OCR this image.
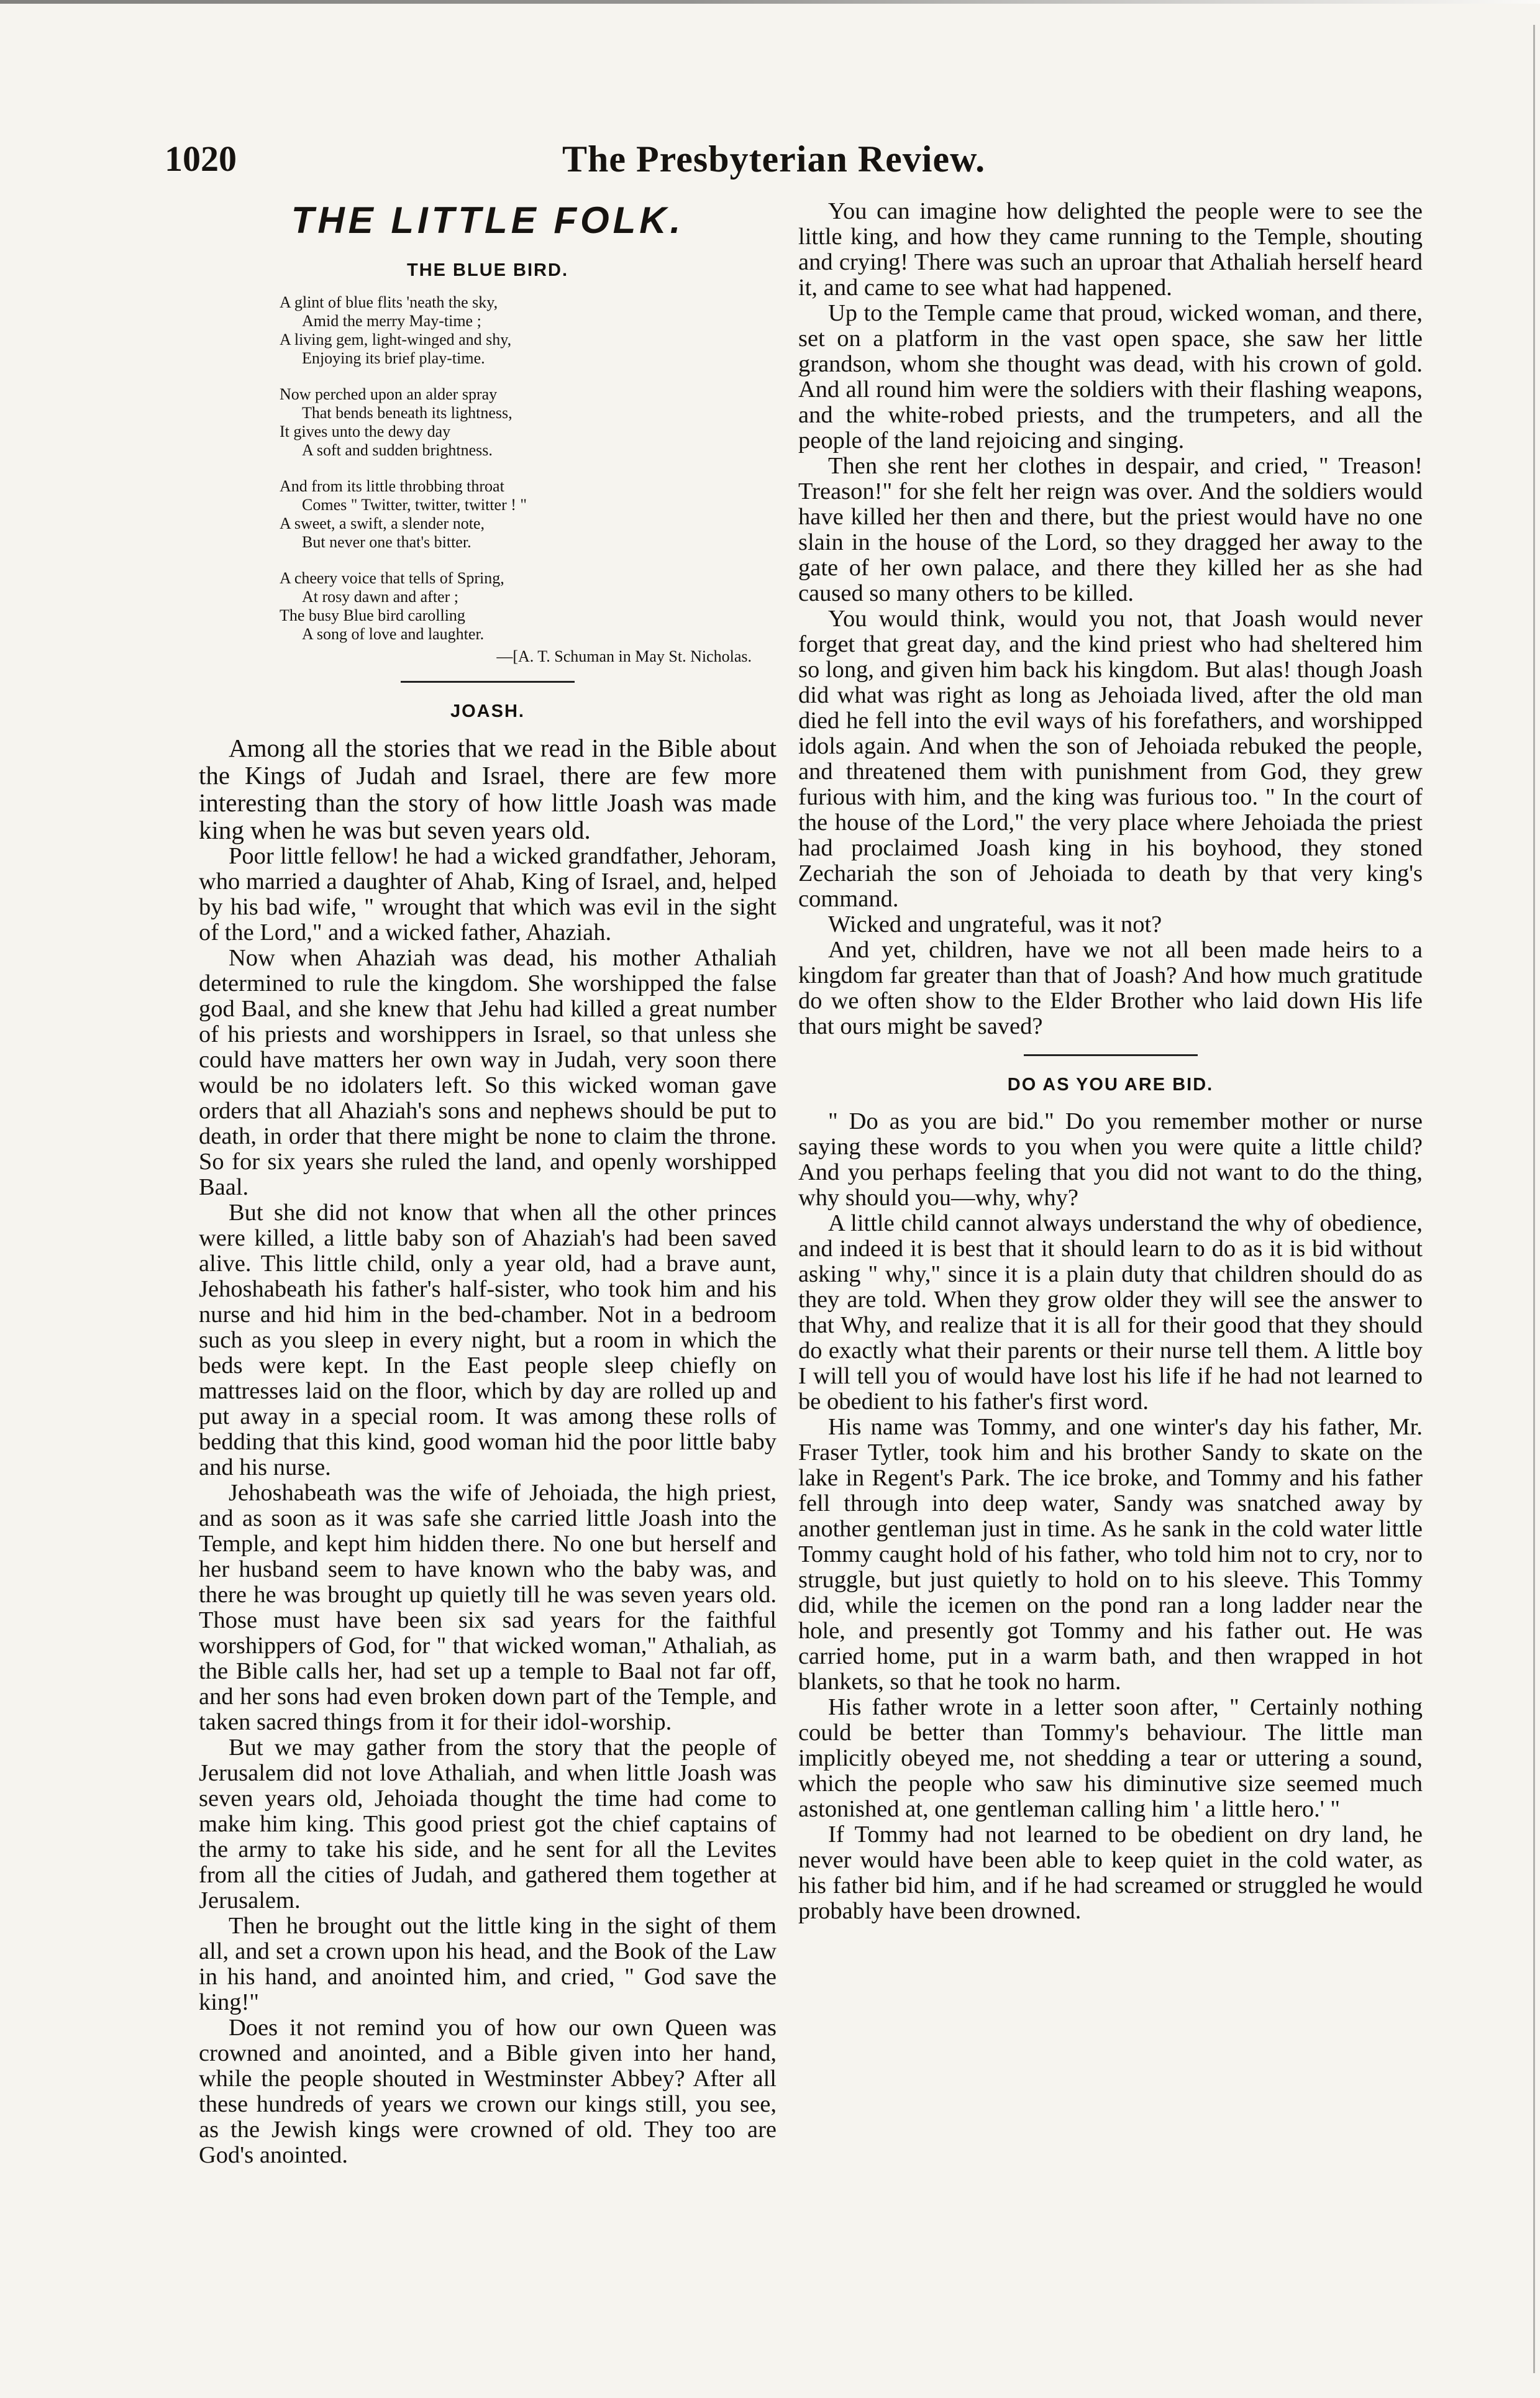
1020	The Presbyterian Review.
THE LITTLE FOLK.
THE BLUE BIRD.
A glint of blue flits 'neath the sky,
Amid the merry May-time ;
A living gem, light-winged and shy,
Enjoying its brief play-time.
Now perched upon an alder spray
That bends beneath its lightness,
It gives unto the dewy day
A soft and sudden brightness.
And from its little throbbing throat
Comes " Twitter, twitter, twitter ! "
A sweet, a swift, a slender note,
But never one that's bitter.
A cheery voice that tells of Spring,
At rosy dawn and after ;
The busy Blue bird carolling
A song of love and laughter.
—[A. T. Schuman in May St. Nicholas.
JOASH.

Among all the stories that we read in the Bible about the Kings of Judah and Israel, there are few more interesting than the story of how little Joash was made king when he was but seven years old.

Poor little fellow! he had a wicked grandfather, Jehoram, who married a daughter of Ahab, King of Israel, and, helped by his bad wife, " wrought that which was evil in the sight of the Lord," and a wicked father, Ahaziah.

Now when Ahaziah was dead, his mother Athaliah determined to rule the kingdom. She worshipped the false god Baal, and she knew that Jehu had killed a great number of his priests and worshippers in Israel, so that unless she could have matters her own way in Judah, very soon there would be no idolaters left. So this wicked woman gave orders that all Ahaziah's sons and nephews should be put to death, in order that there might be none to claim the throne. So for six years she ruled the land, and openly worshipped Baal.

But she did not know that when all the other princes were killed, a little baby son of Ahaziah's had been saved alive. This little child, only a year old, had a brave aunt, Jehoshabeath his father's half-sister, who took him and his nurse and hid him in the bed-chamber. Not in a bedroom such as you sleep in every night, but a room in which the beds were kept. In the East people sleep chiefly on mattresses laid on the floor, which by day are rolled up and put away in a special room. It was among these rolls of bedding that this kind, good woman hid the poor little baby and his nurse.

Jehoshabeath was the wife of Jehoiada, the high priest, and as soon as it was safe she carried little Joash into the Temple, and kept him hidden there. No one but herself and her husband seem to have known who the baby was, and there he was brought up quietly till he was seven years old. Those must have been six sad years for the faithful worshippers of God, for " that wicked woman," Athaliah, as the Bible calls her, had set up a temple to Baal not far off, and her sons had even broken down part of the Temple, and taken sacred things from it for their idol-worship.

But we may gather from the story that the people of Jerusalem did not love Athaliah, and when little Joash was seven years old, Jehoiada thought the time had come to make him king. This good priest got the chief captains of the army to take his side, and he sent for all the Levites from all the cities of Judah, and gathered them together at Jerusalem.

Then he brought out the little king in the sight of them all, and set a crown upon his head, and the Book of the Law in his hand, and anointed him, and cried, " God save the king!"

Does it not remind you of how our own Queen was crowned and anointed, and a Bible given into her hand, while the people shouted in Westminster Abbey? After all these hundreds of years we crown our kings still, you see, as the Jewish kings were crowned of old. They too are God's anointed.

You can imagine how delighted the people were to see the little king, and how they came running to the Temple, shouting and crying! There was such an uproar that Athaliah herself heard it, and came to see what had happened.

Up to the Temple came that proud, wicked woman, and there, set on a platform in the vast open space, she saw her little grandson, whom she thought was dead, with his crown of gold. And all round him were the soldiers with their flashing weapons, and the white-robed priests, and the trumpeters, and all the people of the land rejoicing and singing.

Then she rent her clothes in despair, and cried, " Treason! Treason!" for she felt her reign was over. And the soldiers would have killed her then and there, but the priest would have no one slain in the house of the Lord, so they dragged her away to the gate of her own palace, and there they killed her as she had caused so many others to be killed.

You would think, would you not, that Joash would never forget that great day, and the kind priest who had sheltered him so long, and given him back his kingdom. But alas! though Joash did what was right as long as Jehoiada lived, after the old man died he fell into the evil ways of his forefathers, and worshipped idols again. And when the son of Jehoiada rebuked the people, and threatened them with punishment from God, they grew furious with him, and the king was furious too. " In the court of the house of the Lord," the very place where Jehoiada the priest had proclaimed Joash king in his boyhood, they stoned Zechariah the son of Jehoiada to death by that very king's command.

Wicked and ungrateful, was it not?

And yet, children, have we not all been made heirs to a kingdom far greater than that of Joash? And how much gratitude do we often show to the Elder Brother who laid down His life that ours might be saved?

DO AS YOU ARE BID.

" Do as you are bid." Do you remember mother or nurse saying these words to you when you were quite a little child? And you perhaps feeling that you did not want to do the thing, why should you—why, why?

A little child cannot always understand the why of obedience, and indeed it is best that it should learn to do as it is bid without asking " why," since it is a plain duty that children should do as they are told. When they grow older they will see the answer to that Why, and realize that it is all for their good that they should do exactly what their parents or their nurse tell them. A little boy I will tell you of would have lost his life if he had not learned to be obedient to his father's first word.

His name was Tommy, and one winter's day his father, Mr. Fraser Tytler, took him and his brother Sandy to skate on the lake in Regent's Park. The ice broke, and Tommy and his father fell through into deep water, Sandy was snatched away by another gentleman just in time. As he sank in the cold water little Tommy caught hold of his father, who told him not to cry, nor to struggle, but just quietly to hold on to his sleeve. This Tommy did, while the icemen on the pond ran a long ladder near the hole, and presently got Tommy and his father out. He was carried home, put in a warm bath, and then wrapped in hot blankets, so that he took no harm.

His father wrote in a letter soon after, " Certainly nothing could be better than Tommy's behaviour. The little man implicitly obeyed me, not shedding a tear or uttering a sound, which the people who saw his diminutive size seemed much astonished at, one gentleman calling him ' a little hero.' "

If Tommy had not learned to be obedient on dry land, he never would have been able to keep quiet in the cold water, as his father bid him, and if he had screamed or struggled he would probably have been drowned.
